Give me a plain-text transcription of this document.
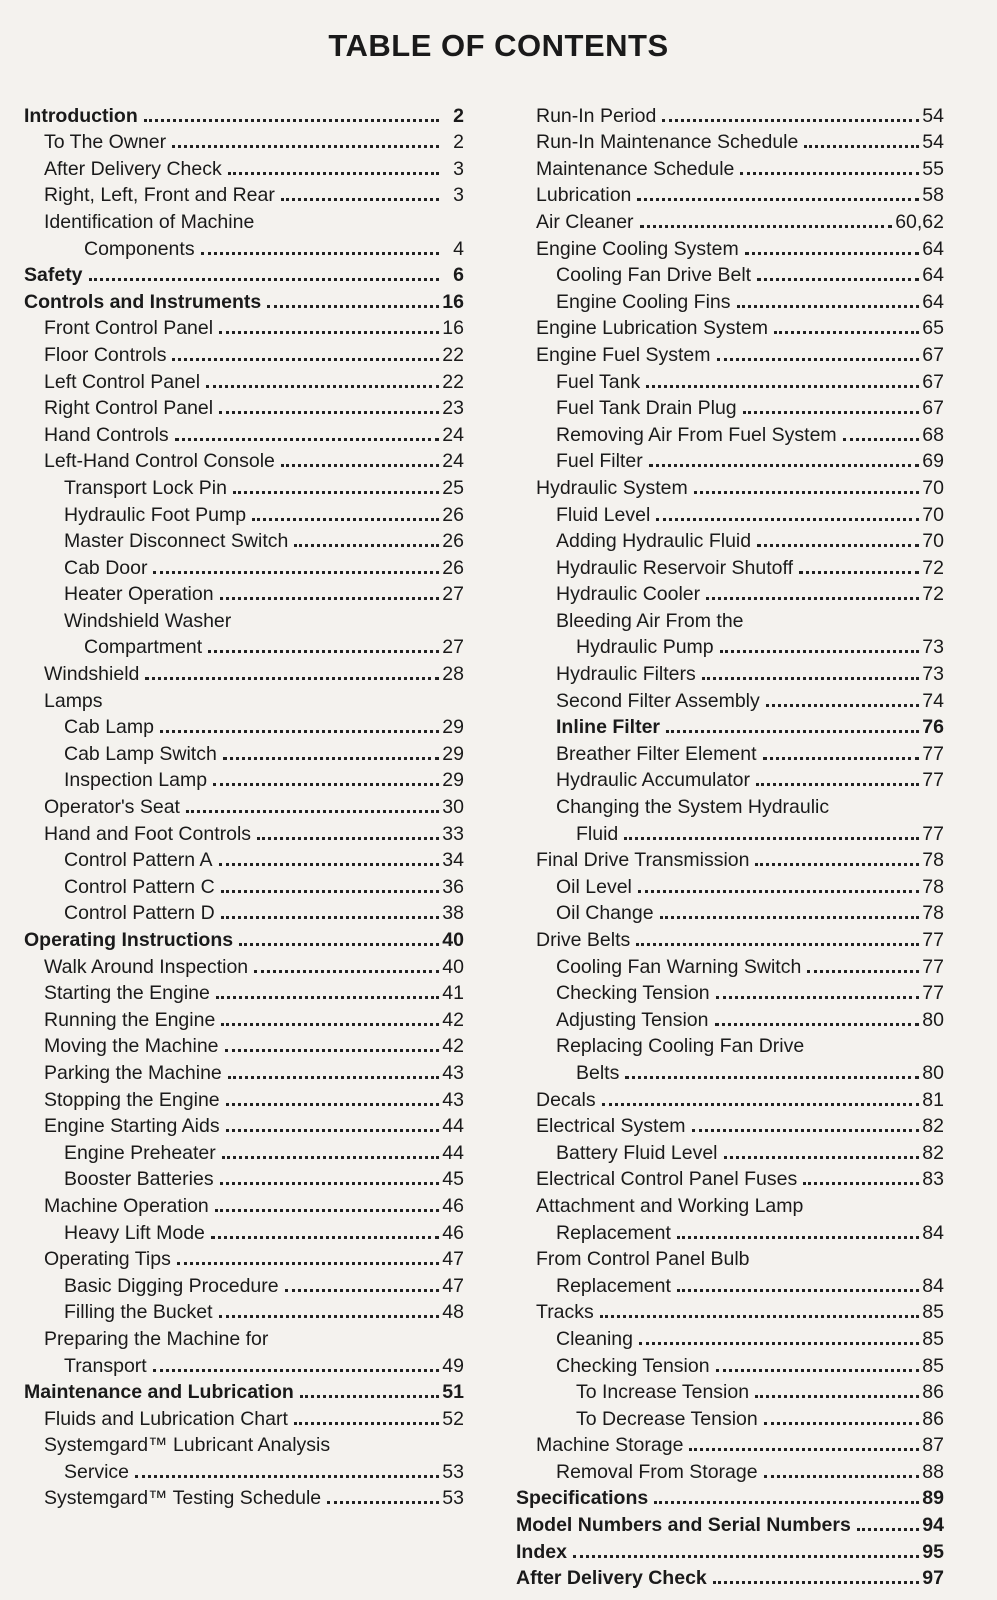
TABLE OF CONTENTS
Introduction	2
To The Owner	2
After Delivery Check	3
Right, Left, Front and Rear	3
Identification of Machine
Components	4
Safety	6
Controls and Instruments	16
Front Control Panel	16
Floor Controls	22
Left Control Panel	22
Right Control Panel	23
Hand Controls	24
Left-Hand Control Console	24
Transport Lock Pin	25
Hydraulic Foot Pump	26
Master Disconnect Switch	26
Cab Door	26
Heater Operation	27
Windshield Washer
Compartment	27
Windshield	28
Lamps
Cab Lamp	29
Cab Lamp Switch	29
Inspection Lamp	29
Operator's Seat	30
Hand and Foot Controls	33
Control Pattern A	34
Control Pattern C	36
Control Pattern D	38
Operating Instructions	40
Walk Around Inspection	40
Starting the Engine	41
Running the Engine	42
Moving the Machine	42
Parking the Machine	43
Stopping the Engine	43
Engine Starting Aids	44
Engine Preheater	44
Booster Batteries	45
Machine Operation	46
Heavy Lift Mode	46
Operating Tips	47
Basic Digging Procedure	47
Filling the Bucket	48
Preparing the Machine for
Transport	49
Maintenance and Lubrication	51
Fluids and Lubrication Chart	52
Systemgard™ Lubricant Analysis
Service	53
Systemgard™ Testing Schedule	53
Run-In Period	54
Run-In Maintenance Schedule	54
Maintenance Schedule	55
Lubrication	58
Air Cleaner	60,62
Engine Cooling System	64
Cooling Fan Drive Belt	64
Engine Cooling Fins	64
Engine Lubrication System	65
Engine Fuel System	67
Fuel Tank	67
Fuel Tank Drain Plug	67
Removing Air From Fuel System	68
Fuel Filter	69
Hydraulic System	70
Fluid Level	70
Adding Hydraulic Fluid	70
Hydraulic Reservoir Shutoff	72
Hydraulic Cooler	72
Bleeding Air From the
Hydraulic Pump	73
Hydraulic Filters	73
Second Filter Assembly	74
Inline Filter	76
Breather Filter Element	77
Hydraulic Accumulator	77
Changing the System Hydraulic
Fluid	77
Final Drive Transmission	78
Oil Level	78
Oil Change	78
Drive Belts	77
Cooling Fan Warning Switch	77
Checking Tension	77
Adjusting Tension	80
Replacing Cooling Fan Drive
Belts	80
Decals	81
Electrical System	82
Battery Fluid Level	82
Electrical Control Panel Fuses	83
Attachment and Working Lamp
Replacement	84
From Control Panel Bulb
Replacement	84
Tracks	85
Cleaning	85
Checking Tension	85
To Increase Tension	86
To Decrease Tension	86
Machine Storage	87
Removal From Storage	88
Specifications	89
Model Numbers and Serial Numbers	94
Index	95
After Delivery Check	97
